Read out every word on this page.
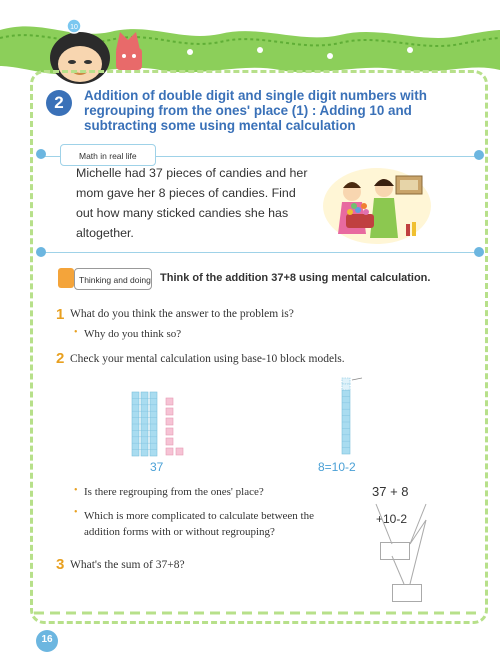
10
2	Addition of double digit and single digit numbers with regrouping from the ones' place (1) : Adding 10 and subtracting some using mental calculation
Math in real life
Michelle had 37 pieces of candies and her mom gave her 8 pieces of candies. Find out how many sticked candies she has altogether.
Thinking and doing Think of the addition 37+8 using mental calculation.
1 What do you think the answer to the problem is?
• Why do you think so?
2 Check your mental calculation using base-10 block models.
37	8=10-2
• Is there regrouping from the ones' place?
• Which is more complicated to calculate between the addition forms with or without regrouping?
37 + 8
+10-2
3 What's the sum of 37+8?
16
